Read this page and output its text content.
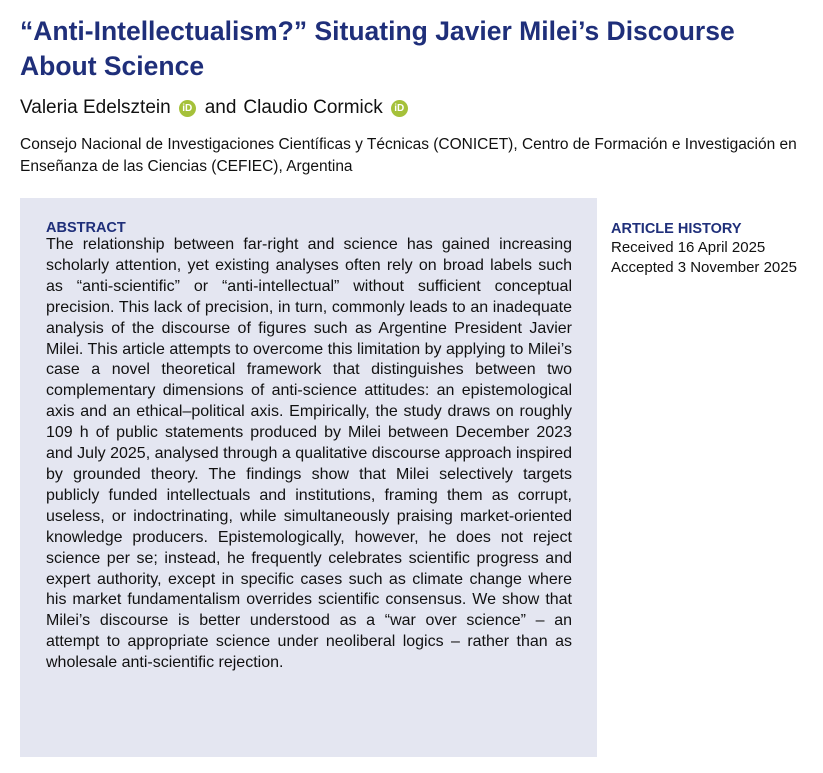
“Anti-Intellectualism?” Situating Javier Milei’s Discourse About Science
Valeria Edelsztein	iD and Claudio Cormick	iD

Consejo Nacional de Investigaciones Científicas y Técnicas (CONICET), Centro de Formación e Investigación en Enseñanza de las Ciencias (CEFIEC), Argentina

ABSTRACT

The relationship between far-right and science has gained increasing scholarly attention, yet existing analyses often rely on broad labels such as “anti-scientific” or “anti-intellectual” without sufficient conceptual precision. This lack of precision, in turn, commonly leads to an inadequate analysis of the discourse of figures such as Argentine President Javier Milei. This article attempts to overcome this limitation by applying to Milei’s case a novel theoretical framework that distinguishes between two complementary dimensions of anti-science attitudes: an epistemological axis and an ethical–political axis. Empirically, the study draws on roughly 109 h of public statements produced by Milei between December 2023 and July 2025, analysed through a qualitative discourse approach inspired by grounded theory. The findings show that Milei selectively targets publicly funded intellectuals and institutions, framing them as corrupt, useless, or indoctrinating, while simultaneously praising market-oriented knowledge producers. Epistemologically, however, he does not reject science per se; instead, he frequently celebrates scientific progress and expert authority, except in specific cases such as climate change where his market fundamentalism overrides scientific consensus. We show that Milei’s discourse is better understood as a “war over science” – an attempt to appropriate science under neoliberal logics – rather than as wholesale anti-scientific rejection.

ARTICLE HISTORY

Received 16 April 2025

Accepted 3 November 2025
